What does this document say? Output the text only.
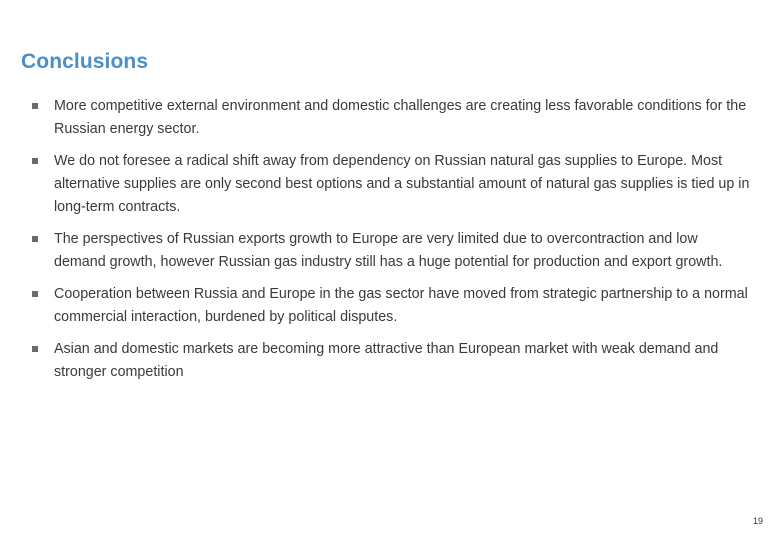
Conclusions
More competitive external environment and domestic challenges are creating less favorable conditions for the Russian energy sector.
We do not foresee a radical shift away from dependency on Russian natural gas supplies to Europe. Most alternative supplies are only second best options and a substantial amount of natural gas supplies is tied up in long-term contracts.
The perspectives of Russian exports growth to Europe are very limited due to overcontraction and low demand growth, however Russian gas industry still has a huge potential for production and export growth.
Cooperation between Russia and Europe in the gas sector have moved from strategic partnership to a normal commercial interaction, burdened by political disputes.
Asian and domestic markets are becoming more attractive than European market with weak demand and stronger competition
19
